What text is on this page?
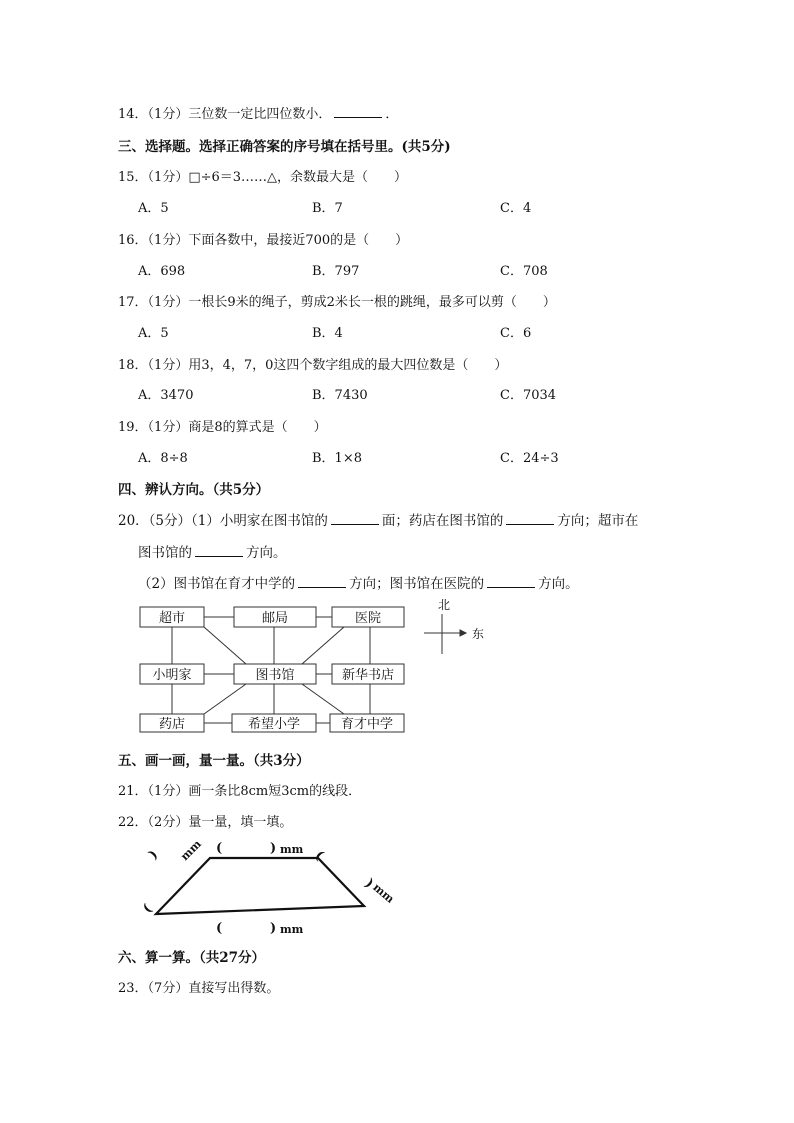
14．（1分）三位数一定比四位数小．	．
三、选择题。选择正确答案的序号填在括号里。(共5分)
15．（1分）□÷6＝3……△，余数最大是（　　）
A．5	B．7	C．4
16．（1分）下面各数中，最接近700的是（　　）
A．698	B．797	C．708
17．（1分）一根长9米的绳子，剪成2米长一根的跳绳，最多可以剪（　　）
A．5	B．4	C．6
18．（1分）用3，4，7，0这四个数字组成的最大四位数是（　　）
A．3470	B．7430	C．7034
19．（1分）商是8的算式是（　　）
A．8÷8	B．1×8	C．24÷3
四、辨认方向。（共5分）
20．（5分）（1）小明家在图书馆的	面；药店在图书馆的	方向；超市在
图书馆的	方向。
（2）图书馆在育才中学的	方向；图书馆在医院的	方向。
超市	邮局	医院
小明家	图书馆	新华书店
药店	希望小学	育才中学
北
东
五、画一画，量一量。（共3分）
21．（1分）画一条比8cm短3cm的线段．
22．（2分）量一量，填一填。
(	) mm (
)
mm
mm
)
(
(	) mm
六、算一算。（共27分）
23．（7分）直接写出得数。
